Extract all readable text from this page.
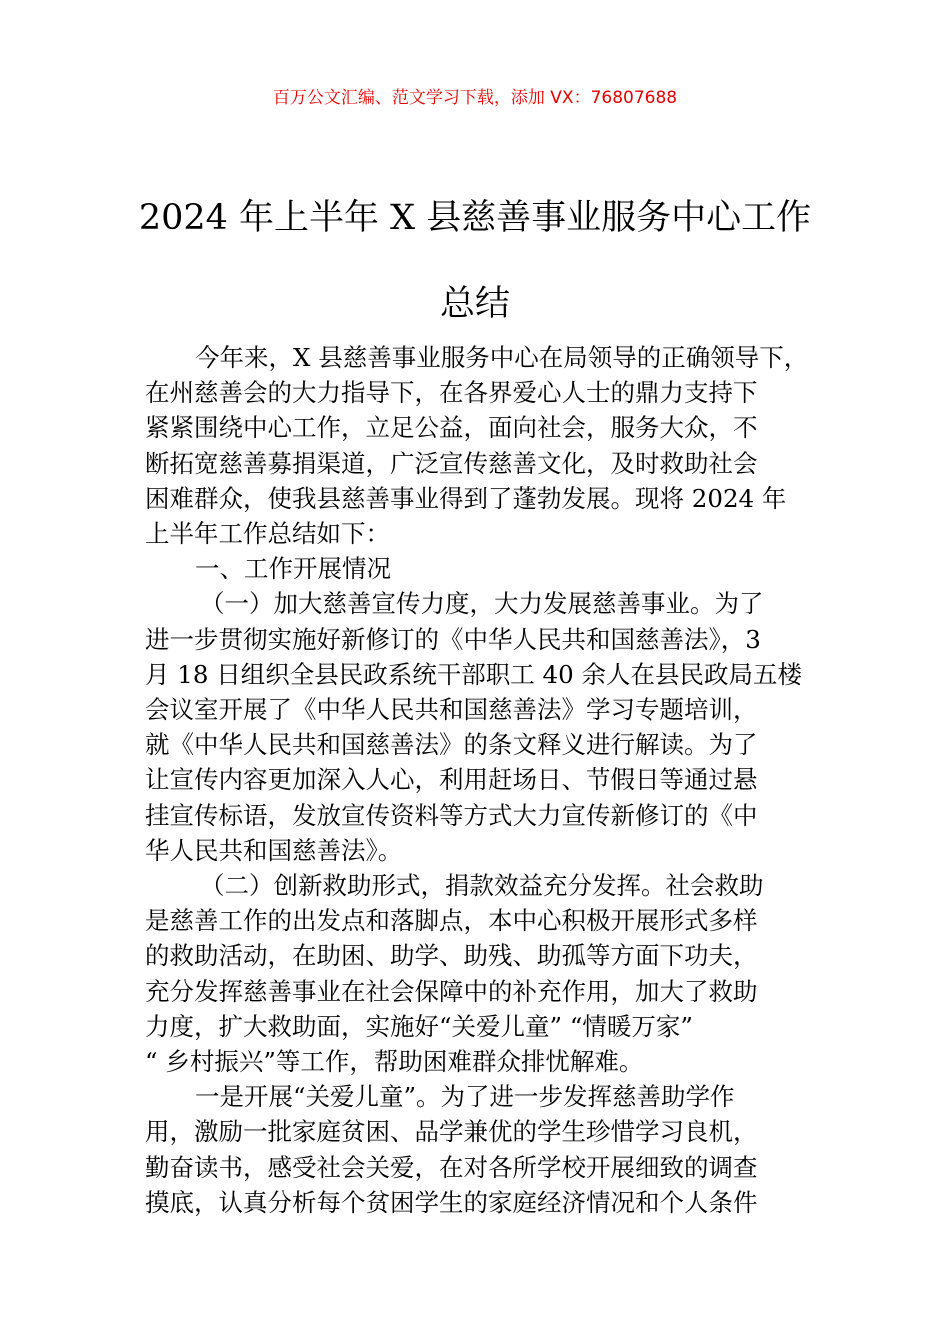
百万公文汇编、范文学习下载，添加 VX：76807688
2024 年上半年 X 县慈善事业服务中心工作
总结

今年来，X 县慈善事业服务中心在局领导的正确领导下，

在州慈善会的大力指导下，在各界爱心人士的鼎力支持下

紧紧围绕中心工作，立足公益，面向社会，服务大众，不

断拓宽慈善募捐渠道，广泛宣传慈善文化，及时救助社会

困难群众，使我县慈善事业得到了蓬勃发展。现将 2024 年

上半年工作总结如下：

一、工作开展情况

（一）加大慈善宣传力度，大力发展慈善事业。为了

进一步贯彻实施好新修订的《中华人民共和国慈善法》，3

月 18 日组织全县民政系统干部职工 40 余人在县民政局五楼

会议室开展了《中华人民共和国慈善法》学习专题培训，

就《中华人民共和国慈善法》的条文释义进行解读。为了

让宣传内容更加深入人心，利用赶场日、节假日等通过悬

挂宣传标语，发放宣传资料等方式大力宣传新修订的《中

华人民共和国慈善法》。

（二）创新救助形式，捐款效益充分发挥。社会救助

是慈善工作的出发点和落脚点，本中心积极开展形式多样

的救助活动，在助困、助学、助残、助孤等方面下功夫，

充分发挥慈善事业在社会保障中的补充作用，加大了救助

力度，扩大救助面，实施好“关爱儿童” “情暖万家”

“ 乡村振兴”等工作，帮助困难群众排忧解难。

一是开展“关爱儿童”。为了进一步发挥慈善助学作

用，激励一批家庭贫困、品学兼优的学生珍惜学习良机，

勤奋读书，感受社会关爱，在对各所学校开展细致的调查

摸底，认真分析每个贫困学生的家庭经济情况和个人条件
